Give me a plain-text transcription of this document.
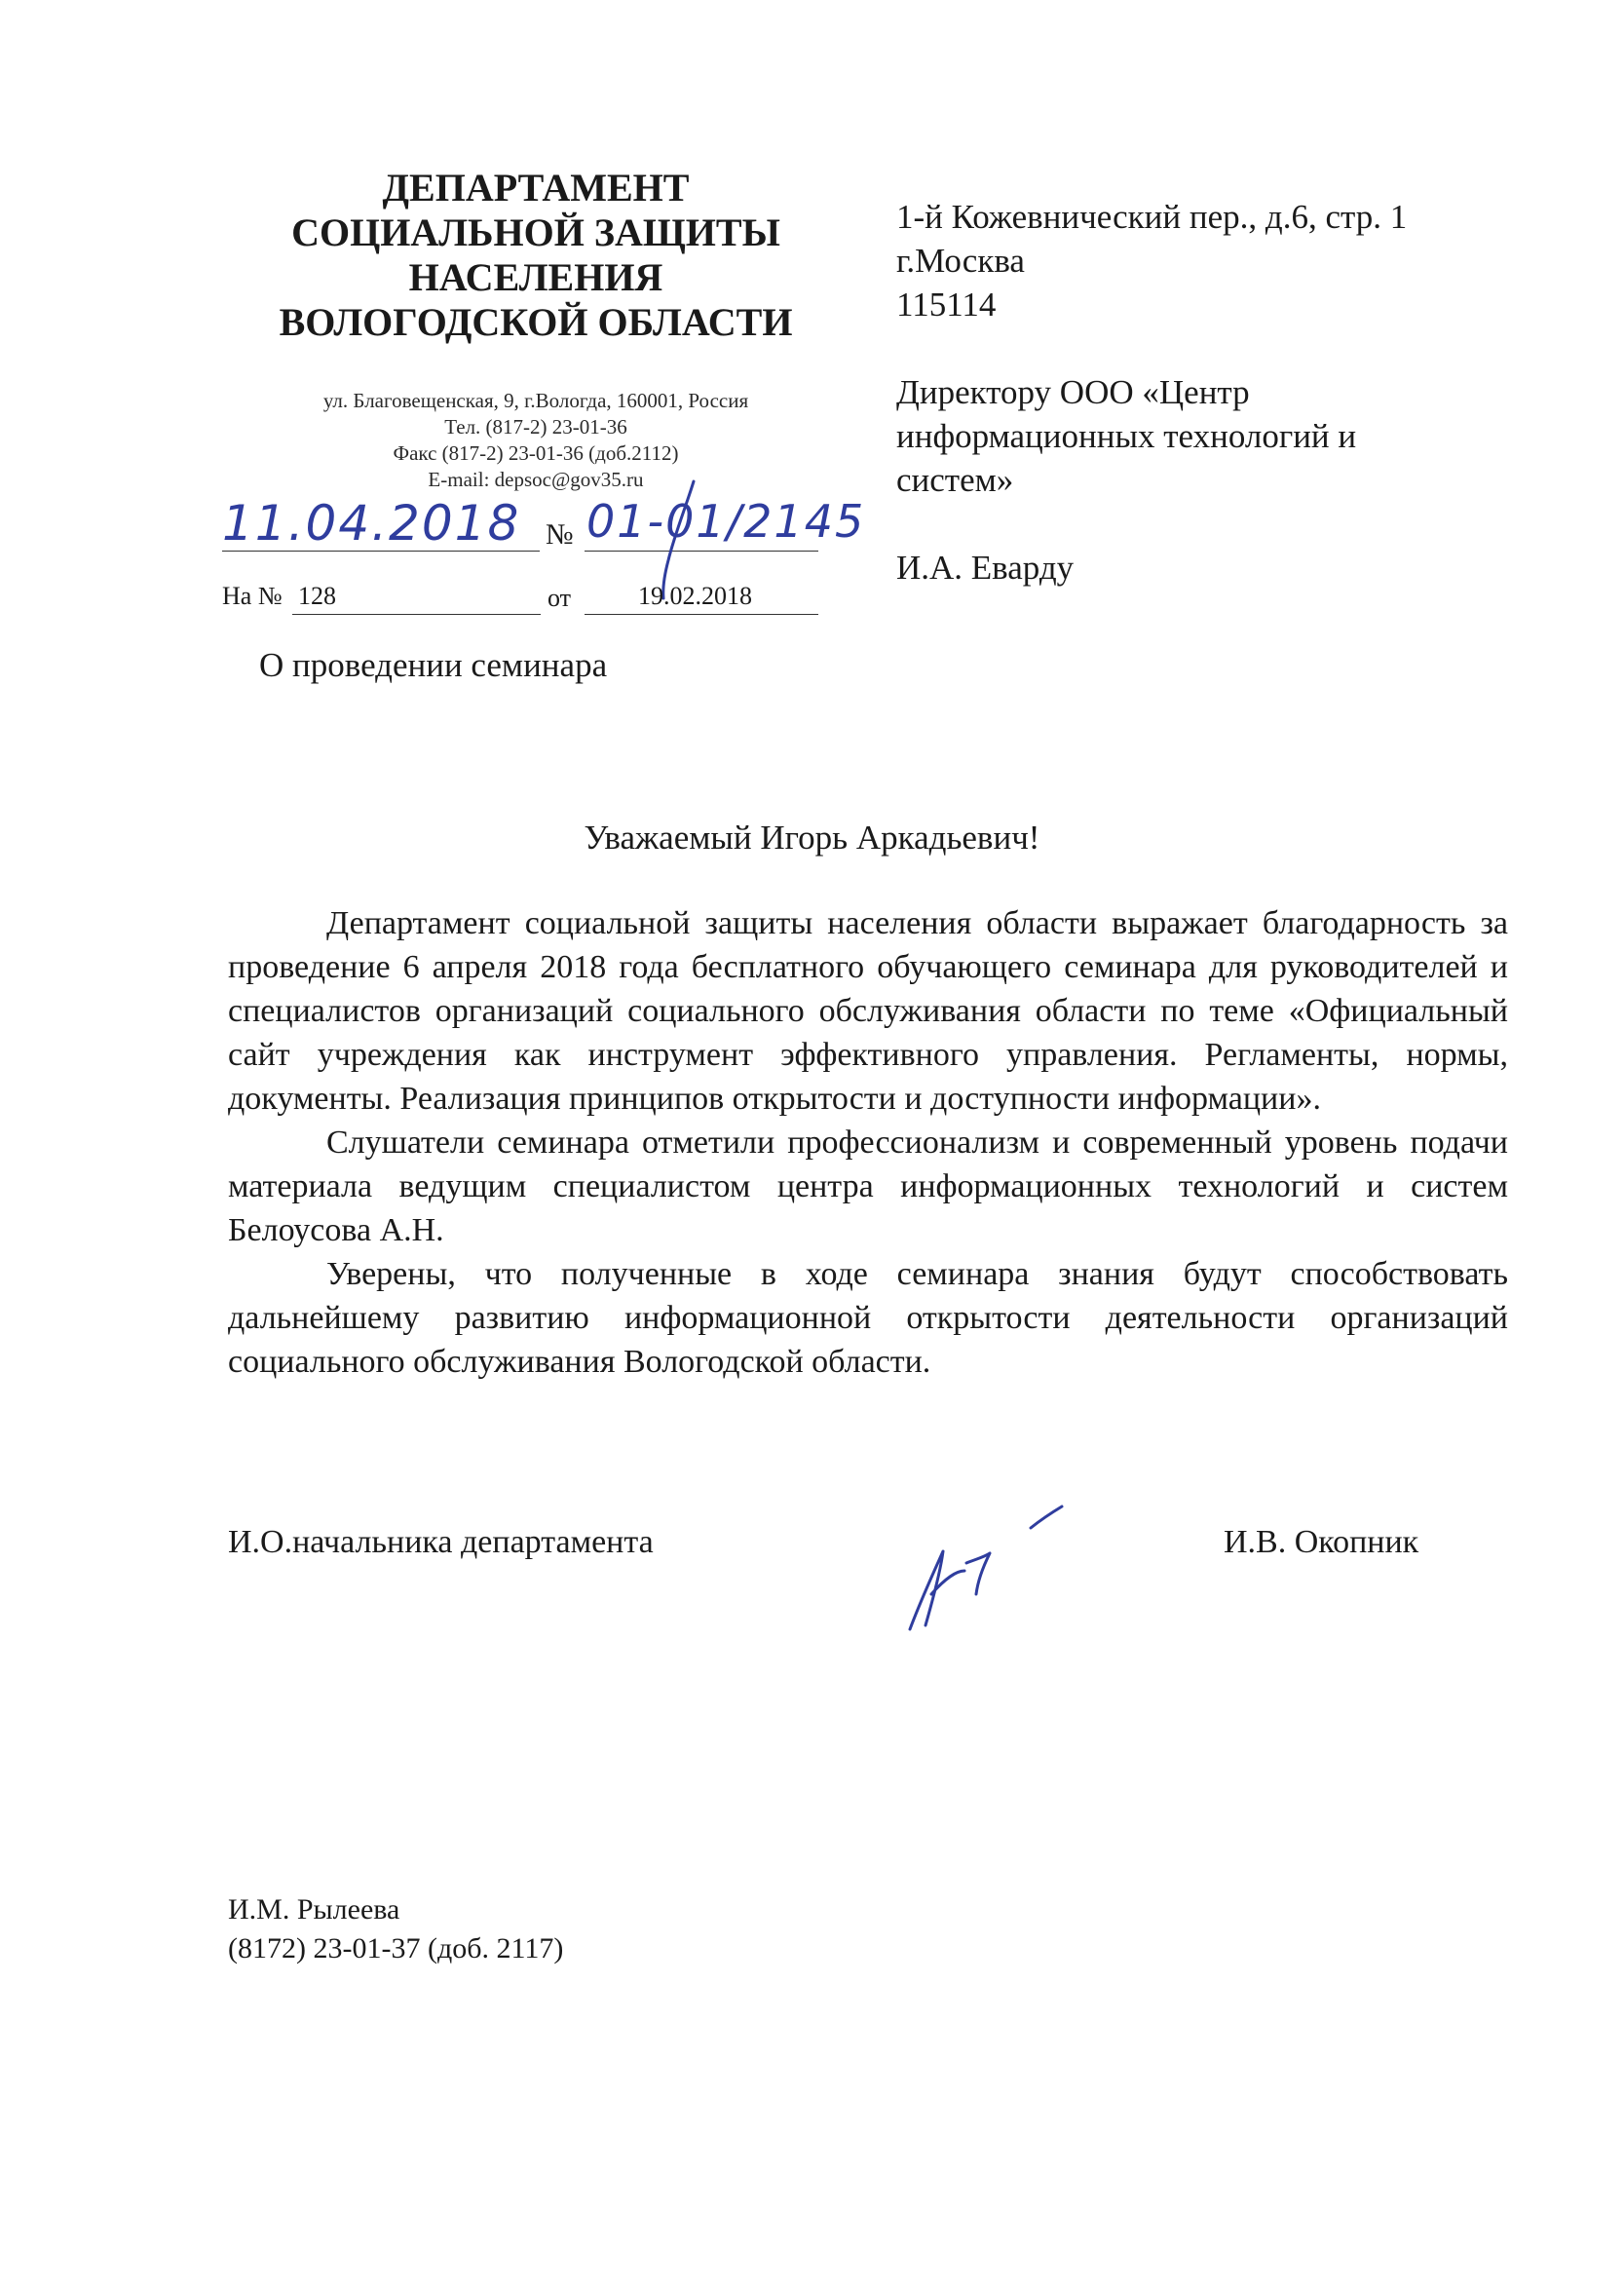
ДЕПАРТАМЕНТ
СОЦИАЛЬНОЙ ЗАЩИТЫ
НАСЕЛЕНИЯ
ВОЛОГОДСКОЙ ОБЛАСТИ
ул. Благовещенская, 9, г.Вологда, 160001, Россия
Тел. (817-2) 23-01-36
Факс (817-2) 23-01-36 (доб.2112)
E-mail: depsoc@gov35.ru
11.04.2018 № 01-01/2145
На № 128	от	19.02.2018
1-й Кожевнический пер., д.6, стр. 1
г.Москва
115114
Директору ООО «Центр
информационных технологий и
систем»
И.А. Еварду
О проведении семинара
Уважаемый Игорь Аркадьевич!

Департамент социальной защиты населения области выражает благодарность за проведение 6 апреля 2018 года бесплатного обучающего семинара для руководителей и специалистов организаций социального обслуживания области по теме «Официальный сайт учреждения как инструмент эффективного управления. Регламенты, нормы, документы. Реализация принципов открытости и доступности информации».

Слушатели семинара отметили профессионализм и современный уровень подачи материала ведущим специалистом центра информационных технологий и систем Белоусова А.Н.

Уверены, что полученные в ходе семинара знания будут способствовать дальнейшему развитию информационной открытости деятельности организаций социального обслуживания Вологодской области.

И.О.начальника департамента	И.В. Окопник
И.М. Рылеева
(8172) 23-01-37 (доб. 2117)
